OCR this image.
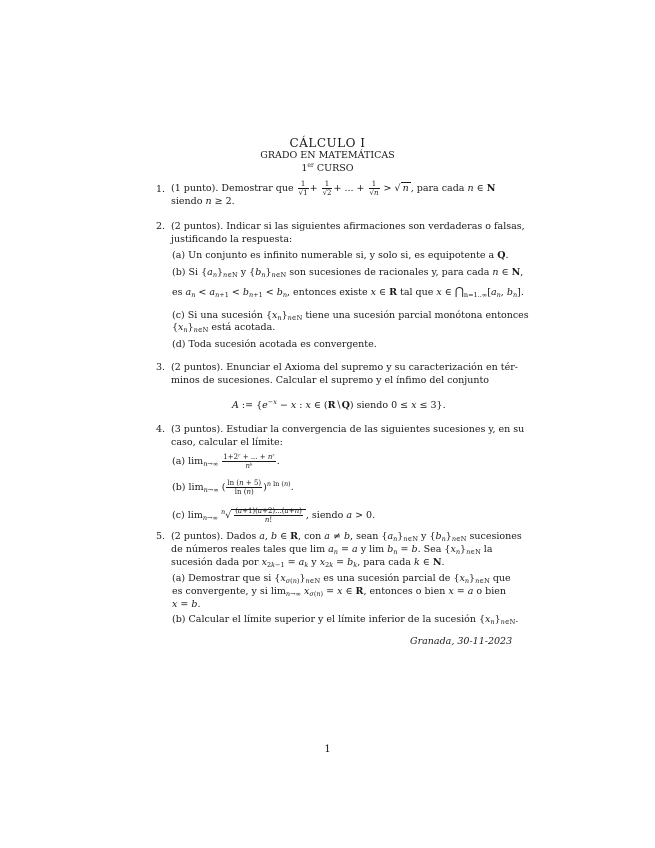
CÁLCULO I
GRADO EN MATEMÁTICAS
1er CURSO
1. (1 punto). Demostrar que $\frac{1}{√1} + \frac{1}{√2}$ + ... + $\frac{1}{√n}$ > √ n , para cada n ∈ N
siendo n ≥ 2.
2. (2 puntos). Indicar si las siguientes afirmaciones son verdaderas o falsas,
justificando la respuesta:
(a) Un conjunto es infinito numerable si, y solo si, es equipotente a Q.
(b) Si $\{a_n\}_{n\in N}$ y $\{b_n\}_{n\in N}$ son sucesiones de racionales y, para cada n ∈ N,
es $a_n < a_{n+1} < b_{n+1} < b_n$, entonces existe x ∈ R tal que x ∈ $⋂_{n=1..\infty}[a_n$, $b_n$].
(c) Si una sucesión $\{x_n\}_{n\in N}$ tiene una sucesión parcial monótona entonces
$\{x_n\}_{n\in N}$ está acotada.
(d) Toda sucesión acotada es convergente.
3. (2 puntos). Enunciar el Axioma del supremo y su caracterización en tér-
minos de sucesiones. Calcular el supremo y el ínfimo del conjunto
A := {$e^{-x} - x$ : x ∈ (R∖Q) siendo 0 ≤ x ≤ 3}.
4. (3 puntos). Estudiar la convergencia de las siguientes sucesiones y, en su
caso, calcular el límite:
(a) $\lim_{n\to\infty} \frac{\text{1+2ʳ + ... + nʳ}}{\text{nᵏ}}$ .
(b) $\lim_{n\to\infty}$ ( $\frac{\ln (n + 5)}{\ln (n)} )^{n ln (n)}$.
(c) $\lim_{n\to\infty} ^n√ \frac{(a+1)(a+2)...(a+n)}{n!}$ , siendo a > 0.
5. (2 puntos). Dados a, b ∈ R, con a ≠ b, sean $\{a_n\}_{n\in N}$ y $\{b_n\}_{n\in N}$ sucesiones
de números reales tales que $\lim a_n = a$ y $\lim b_n = b$. Sea $\{x_n\}_{n\in N}$ la
sucesión dada por $x_{2k-1} = a_k$ y $x_{2k} = b_k$, para cada k ∈ N.
(a) Demostrar que si $\{x_{\sigma(n)}\}_{n\in N}$ es una sucesión parcial de $\{x_n\}_{n\in N}$ que
es convergente, y si $\lim_{n\to\infty} x_{\sigma(n)} = x$ ∈ R, entonces o bien x = a o bien
x = b.
(b) Calcular el límite superior y el límite inferior de la sucesión $\{x_n\}_{n\in N}$.
Granada, 30-11-2023
1
